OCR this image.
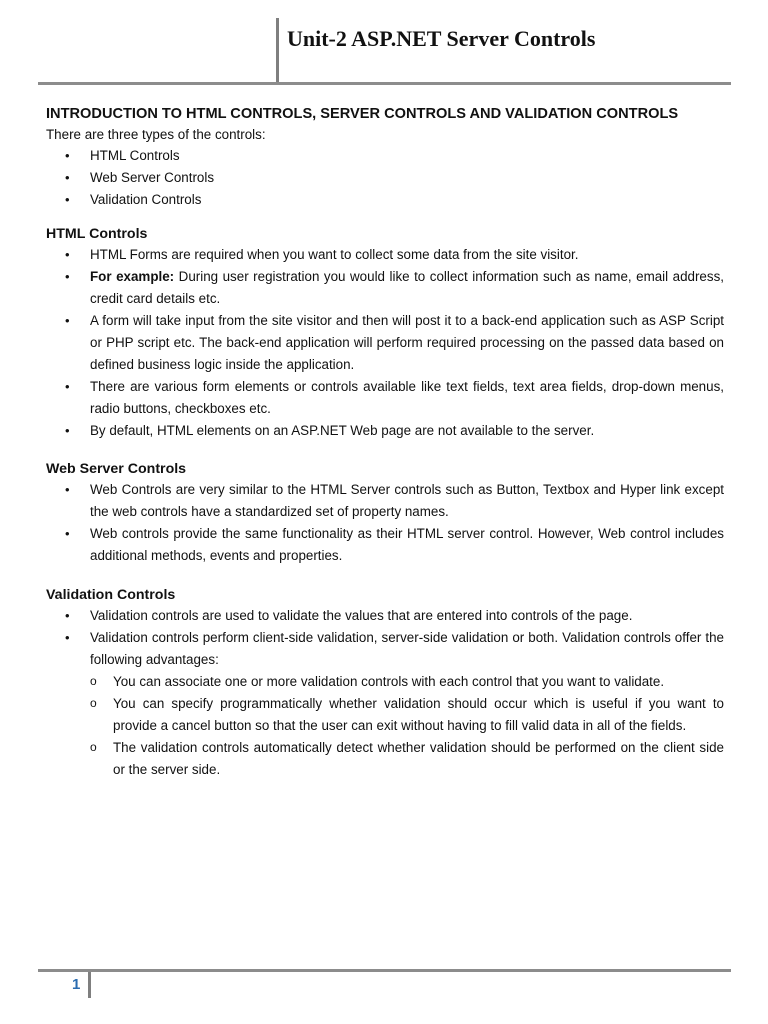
Unit-2 ASP.NET Server Controls
INTRODUCTION TO HTML CONTROLS, SERVER CONTROLS AND VALIDATION CONTROLS
There are three types of the controls:
• HTML Controls
• Web Server Controls
• Validation Controls
HTML Controls
• HTML Forms are required when you want to collect some data from the site visitor.
• For example: During user registration you would like to collect information such as name, email address, credit card details etc.
• A form will take input from the site visitor and then will post it to a back-end application such as ASP Script or PHP script etc. The back-end application will perform required processing on the passed data based on defined business logic inside the application.
• There are various form elements or controls available like text fields, text area fields, drop-down menus, radio buttons, checkboxes etc.
• By default, HTML elements on an ASP.NET Web page are not available to the server.
Web Server Controls
• Web Controls are very similar to the HTML Server controls such as Button, Textbox and Hyper link except the web controls have a standardized set of property names.
• Web controls provide the same functionality as their HTML server control. However, Web control includes additional methods, events and properties.
Validation Controls
• Validation controls are used to validate the values that are entered into controls of the page.
• Validation controls perform client-side validation, server-side validation or both. Validation controls offer the following advantages:
o You can associate one or more validation controls with each control that you want to validate.
o You can specify programmatically whether validation should occur which is useful if you want to provide a cancel button so that the user can exit without having to fill valid data in all of the fields.
o The validation controls automatically detect whether validation should be performed on the client side or the server side.
1
